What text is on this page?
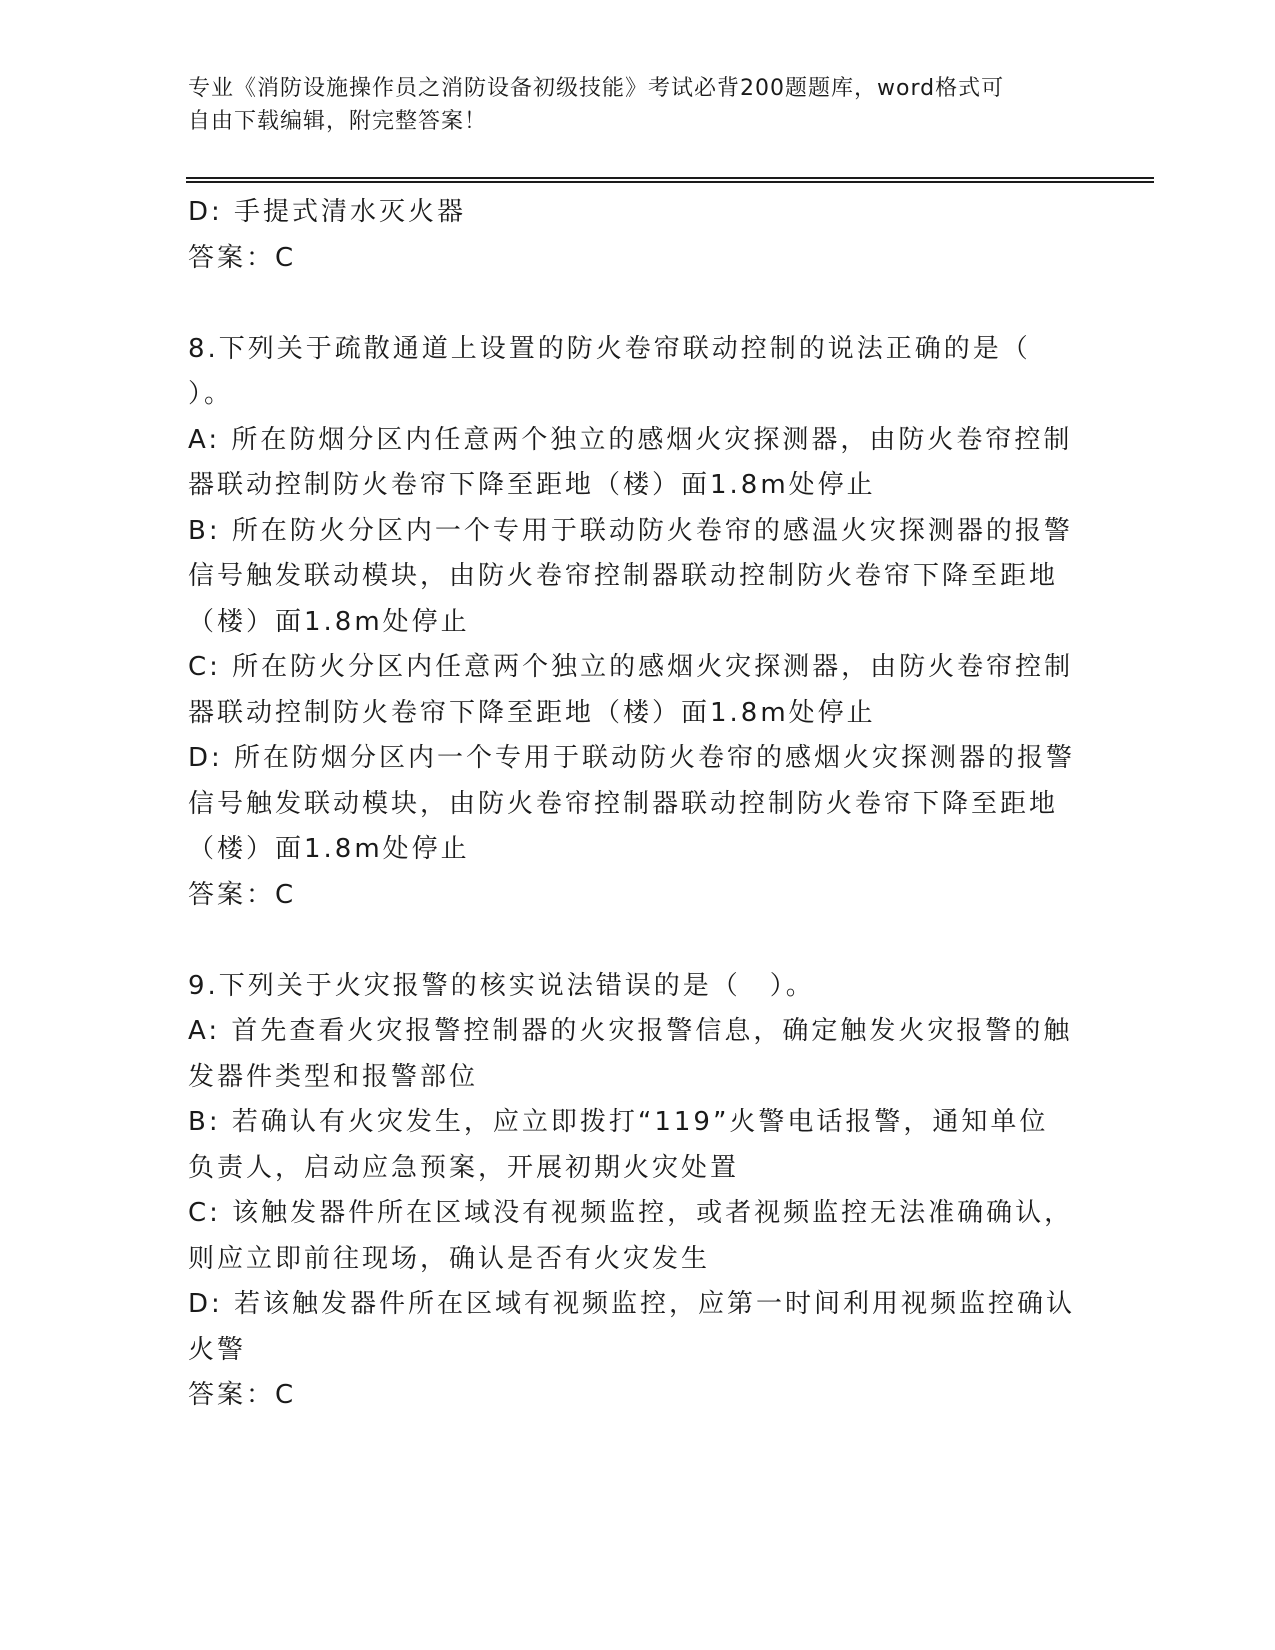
专业《消防设施操作员之消防设备初级技能》考试必背200题题库，word格式可
自由下载编辑，附完整答案！
D: 手提式清水灭火器
答案：C
8.下列关于疏散通道上设置的防火卷帘联动控制的说法正确的是（
）。
A: 所在防烟分区内任意两个独立的感烟火灾探测器，由防火卷帘控制
器联动控制防火卷帘下降至距地（楼）面1.8m处停止
B: 所在防火分区内一个专用于联动防火卷帘的感温火灾探测器的报警
信号触发联动模块，由防火卷帘控制器联动控制防火卷帘下降至距地
（楼）面1.8m处停止
C: 所在防火分区内任意两个独立的感烟火灾探测器，由防火卷帘控制
器联动控制防火卷帘下降至距地（楼）面1.8m处停止
D: 所在防烟分区内一个专用于联动防火卷帘的感烟火灾探测器的报警
信号触发联动模块，由防火卷帘控制器联动控制防火卷帘下降至距地
（楼）面1.8m处停止
答案：C
9.下列关于火灾报警的核实说法错误的是（　）。
A: 首先查看火灾报警控制器的火灾报警信息，确定触发火灾报警的触
发器件类型和报警部位
B: 若确认有火灾发生，应立即拨打“119”火警电话报警，通知单位
负责人，启动应急预案，开展初期火灾处置
C: 该触发器件所在区域没有视频监控，或者视频监控无法准确确认，
则应立即前往现场，确认是否有火灾发生
D: 若该触发器件所在区域有视频监控，应第一时间利用视频监控确认
火警
答案：C
